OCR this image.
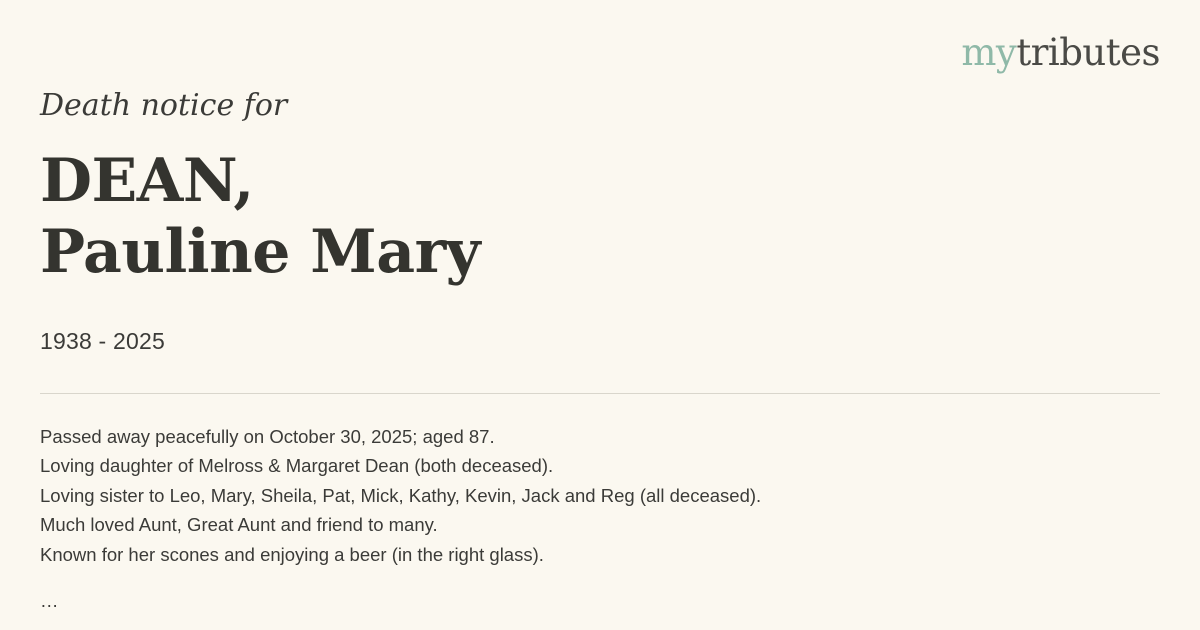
mytributes
Death notice for
DEAN,
Pauline Mary
1938 - 2025
Passed away peacefully on October 30, 2025; aged 87.
Loving daughter of Melross & Margaret Dean (both deceased).
Loving sister to Leo, Mary, Sheila, Pat, Mick, Kathy, Kevin, Jack and Reg (all deceased).
Much loved Aunt, Great Aunt and friend to many.
Known for her scones and enjoying a beer (in the right glass).
…
